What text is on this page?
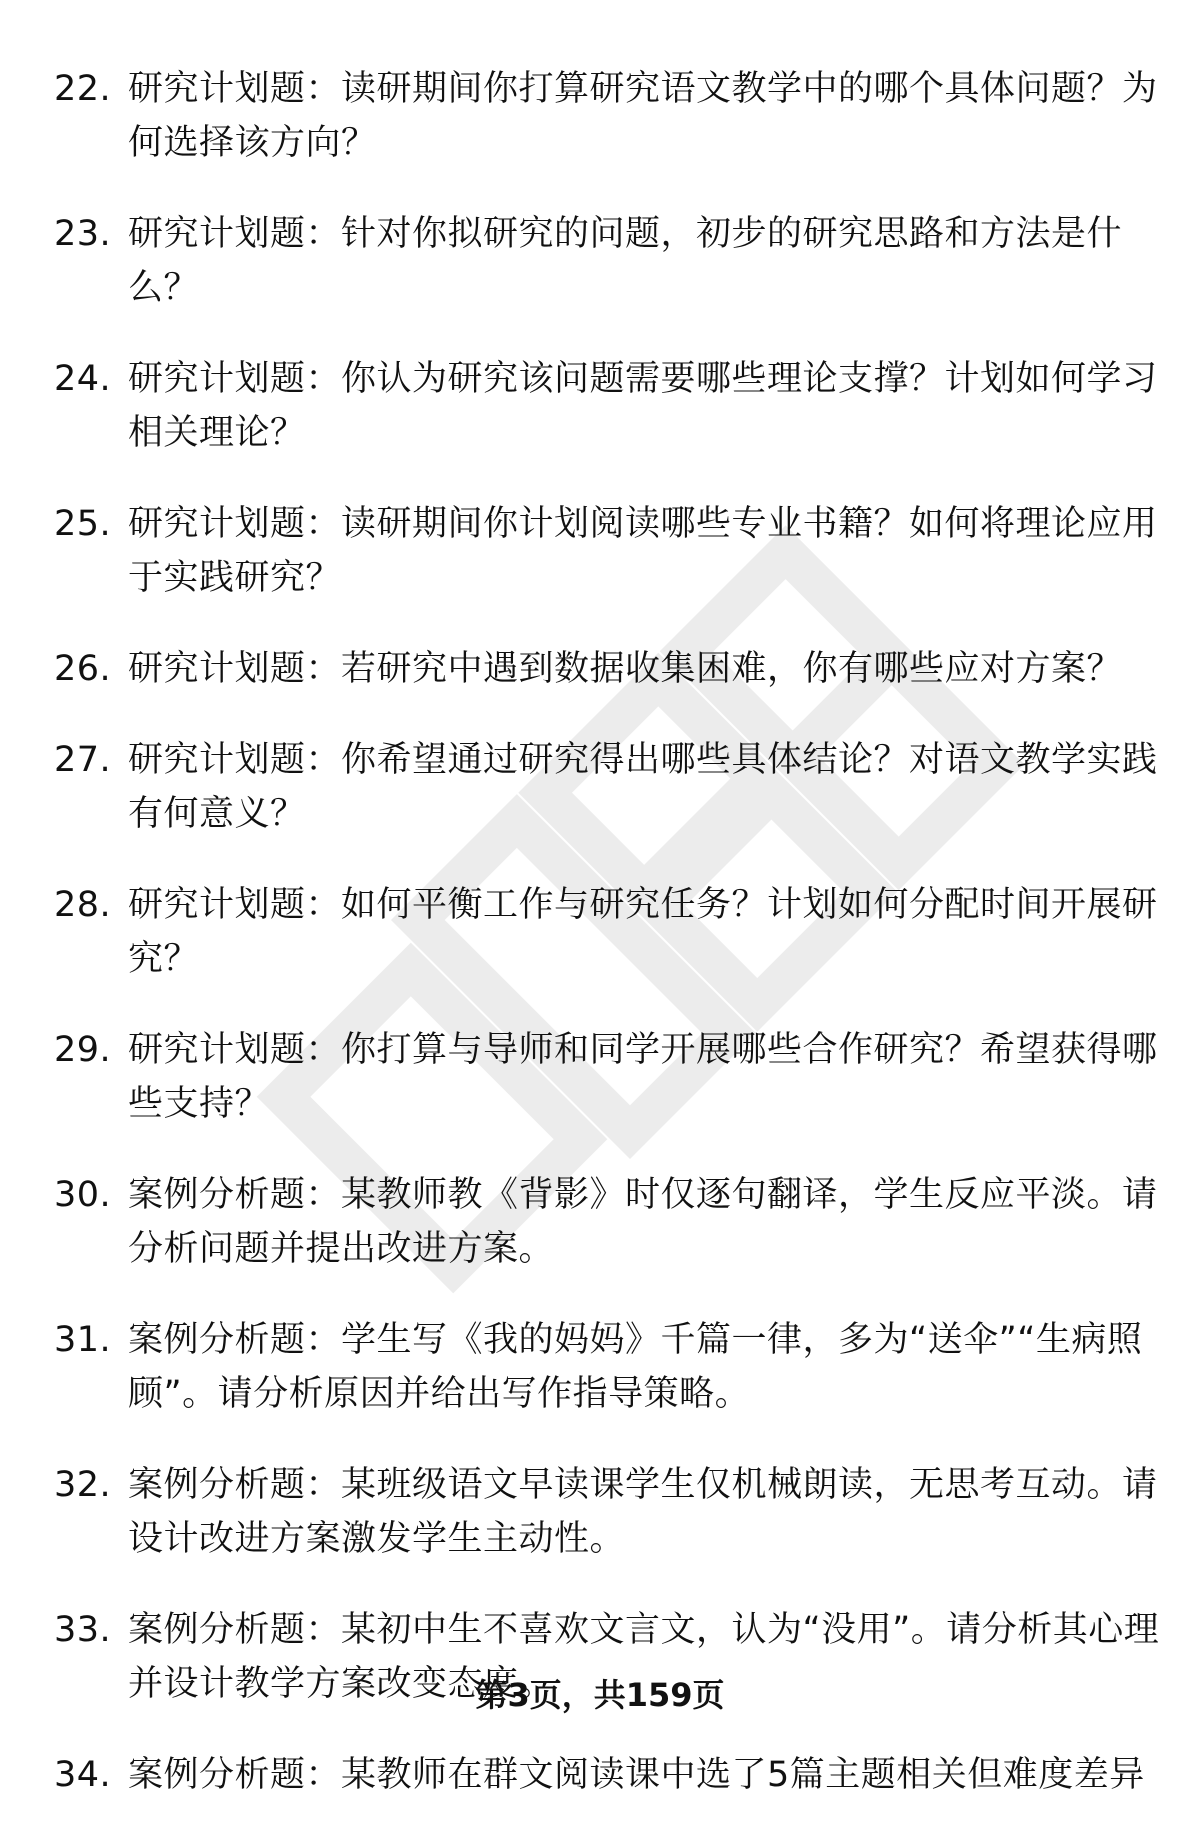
22. 研究计划题：读研期间你打算研究语文教学中的哪个具体问题？为何选择该方向？
23. 研究计划题：针对你拟研究的问题，初步的研究思路和方法是什么？
24. 研究计划题：你认为研究该问题需要哪些理论支撑？计划如何学习相关理论？
25. 研究计划题：读研期间你计划阅读哪些专业书籍？如何将理论应用于实践研究？
26. 研究计划题：若研究中遇到数据收集困难，你有哪些应对方案？
27. 研究计划题：你希望通过研究得出哪些具体结论？对语文教学实践有何意义？
28. 研究计划题：如何平衡工作与研究任务？计划如何分配时间开展研究？
29. 研究计划题：你打算与导师和同学开展哪些合作研究？希望获得哪些支持？
30. 案例分析题：某教师教《背影》时仅逐句翻译，学生反应平淡。请分析问题并提出改进方案。
31. 案例分析题：学生写《我的妈妈》千篇一律，多为“送伞”“生病照顾”。请分析原因并给出写作指导策略。
32. 案例分析题：某班级语文早读课学生仅机械朗读，无思考互动。请设计改进方案激发学生主动性。
33. 案例分析题：某初中生不喜欢文言文，认为“没用”。请分析其心理并设计教学方案改变态度。
34. 案例分析题：某教师在群文阅读课中选了5篇主题相关但难度差异
第3页，共159页
